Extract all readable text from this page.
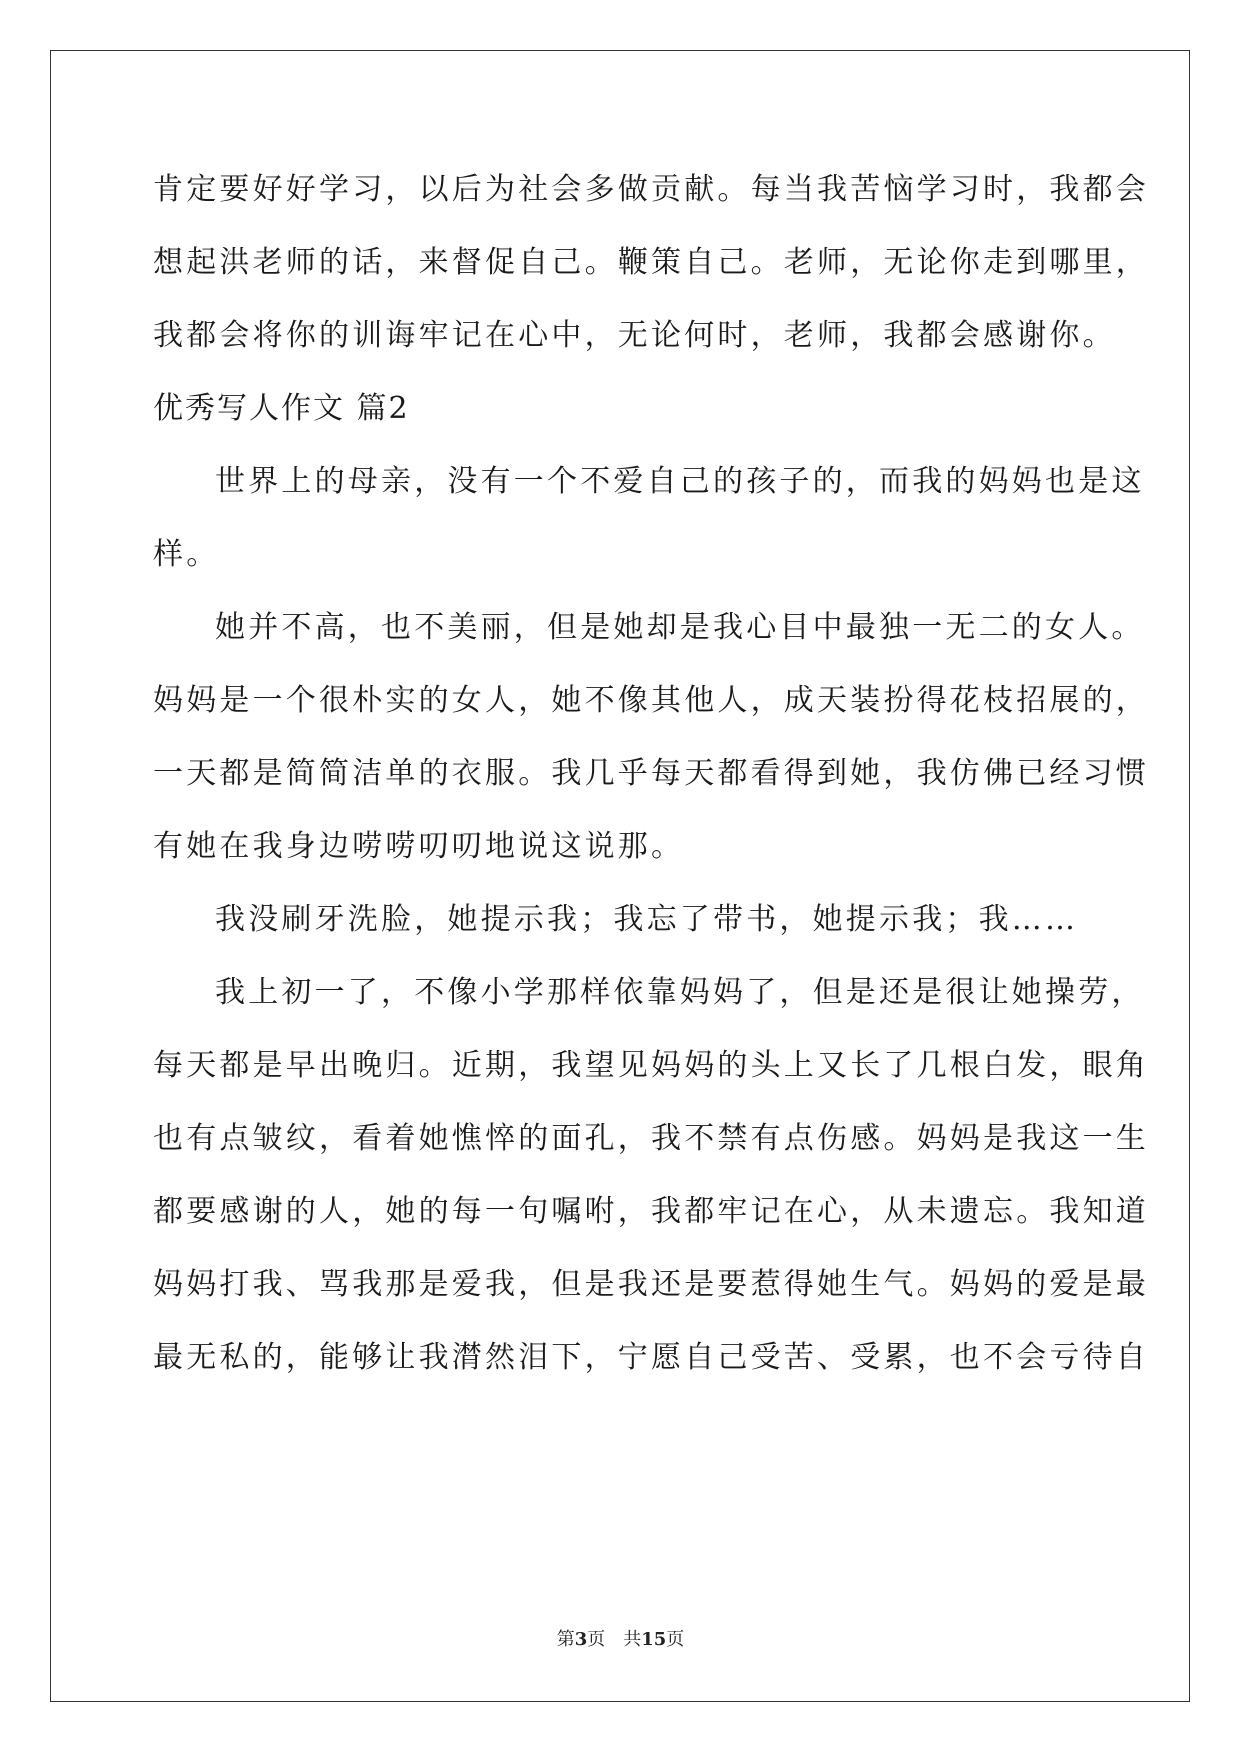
肯定要好好学习，以后为社会多做贡献。每当我苦恼学习时，我都会
想起洪老师的话，来督促自己。鞭策自己。老师，无论你走到哪里，
我都会将你的训诲牢记在心中，无论何时，老师，我都会感谢你。
优秀写人作文 篇2
世界上的母亲，没有一个不爱自己的孩子的，而我的妈妈也是这
样。
她并不高，也不美丽，但是她却是我心目中最独一无二的女人。
妈妈是一个很朴实的女人，她不像其他人，成天装扮得花枝招展的，
一天都是简简洁单的衣服。我几乎每天都看得到她，我仿佛已经习惯
有她在我身边唠唠叨叨地说这说那。
我没刷牙洗脸，她提示我；我忘了带书，她提示我；我……
我上初一了，不像小学那样依靠妈妈了，但是还是很让她操劳，
每天都是早出晚归。近期，我望见妈妈的头上又长了几根白发，眼角
也有点皱纹，看着她憔悴的面孔，我不禁有点伤感。妈妈是我这一生
都要感谢的人，她的每一句嘱咐，我都牢记在心，从未遗忘。我知道
妈妈打我、骂我那是爱我，但是我还是要惹得她生气。妈妈的爱是最
最无私的，能够让我潸然泪下，宁愿自己受苦、受累，也不会亏待自
第3页　共15页
